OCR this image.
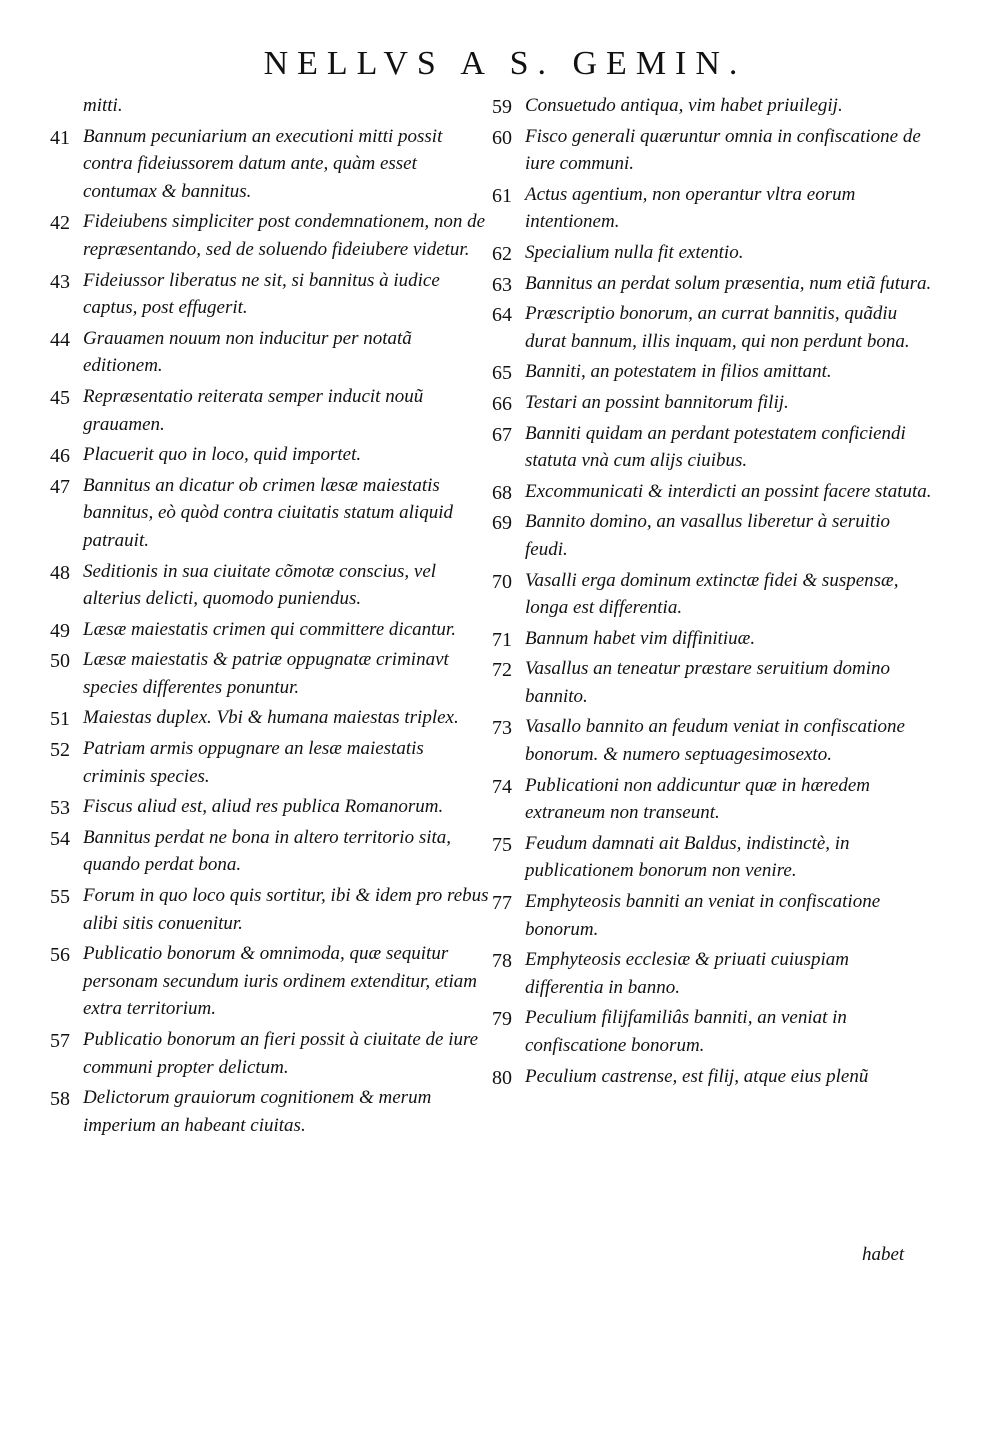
NELLVS A S. GEMIN.
mitti.
41 Bannum pecuniarium an executioni mitti possit contra fideiussorem datum ante, quàm esset contumax & bannitus.
42 Fideiubens simpliciter post condemnationem, non de repræsentando, sed de soluendo fideiubere videtur.
43 Fideiussor liberatus ne sit, si bannitus à iudice captus, post effugerit.
44 Grauamen nouum non inducitur per notatã editionem.
45 Repræsentatio reiterata semper inducit nouũ grauamen.
46 Placuerit quo in loco, quid importet.
47 Bannitus an dicatur ob crimen læsæ maiestatis bannitus, eò quòd contra ciuitatis statum aliquid patrauit.
48 Seditionis in sua ciuitate cõmotæ conscius, vel alterius delicti, quomodo puniendus.
49 Læsæ maiestatis crimen qui committere dicantur.
50 Læsæ maiestatis & patriæ oppugnatæ criminavt species differentes ponuntur.
51 Maiestas duplex. Vbi & humana maiestas triplex.
52 Patriam armis oppugnare an lesæ maiestatis criminis species.
53 Fiscus aliud est, aliud res publica Romanorum.
54 Bannitus perdat ne bona in altero territorio sita, quando perdat bona.
55 Forum in quo loco quis sortitur, ibi & idem pro rebus alibi sitis conuenitur.
56 Publicatio bonorum & omnimoda, quæ sequitur personam secundum iuris ordinem extenditur, etiam extra territorium.
57 Publicatio bonorum an fieri possit à ciuitate de iure communi propter delictum.
58 Delictorum grauiorum cognitionem & merum imperium an habeant ciuitas.
59 Consuetudo antiqua, vim habet priuilegij.
60 Fisco generali quæruntur omnia in confiscatione de iure communi.
61 Actus agentium, non operantur vltra eorum intentionem.
62 Specialium nulla fit extentio.
63 Bannitus an perdat solum præsentia, num etiã futura.
64 Præscriptio bonorum, an currat bannitis, quãdiu durat bannum, illis inquam, qui non perdunt bona.
65 Banniti, an potestatem in filios amittant.
66 Testari an possint bannitorum filij.
67 Banniti quidam an perdant potestatem conficiendi statuta vnà cum alijs ciuibus.
68 Excommunicati & interdicti an possint facere statuta.
69 Bannito domino, an vasallus liberetur à seruitio feudi.
70 Vasalli erga dominum extinctæ fidei & suspensæ, longa est differentia.
71 Bannum habet vim diffinitiuæ.
72 Vasallus an teneatur præstare seruitium domino bannito.
73 Vasallo bannito an feudum veniat in confiscatione bonorum. & numero septuagesimosexto.
74 Publicationi non addicuntur quæ in hæredem extraneum non transeunt.
75 Feudum damnati ait Baldus, indistinctè, in publicationem bonorum non venire.
77 Emphyteosis banniti an veniat in confiscatione bonorum.
78 Emphyteosis ecclesiæ & priuati cuiuspiam differentia in banno.
79 Peculium filijfamiliâs banniti, an veniat in confiscatione bonorum.
80 Peculium castrense, est filij, atque eius plenũ
habet
